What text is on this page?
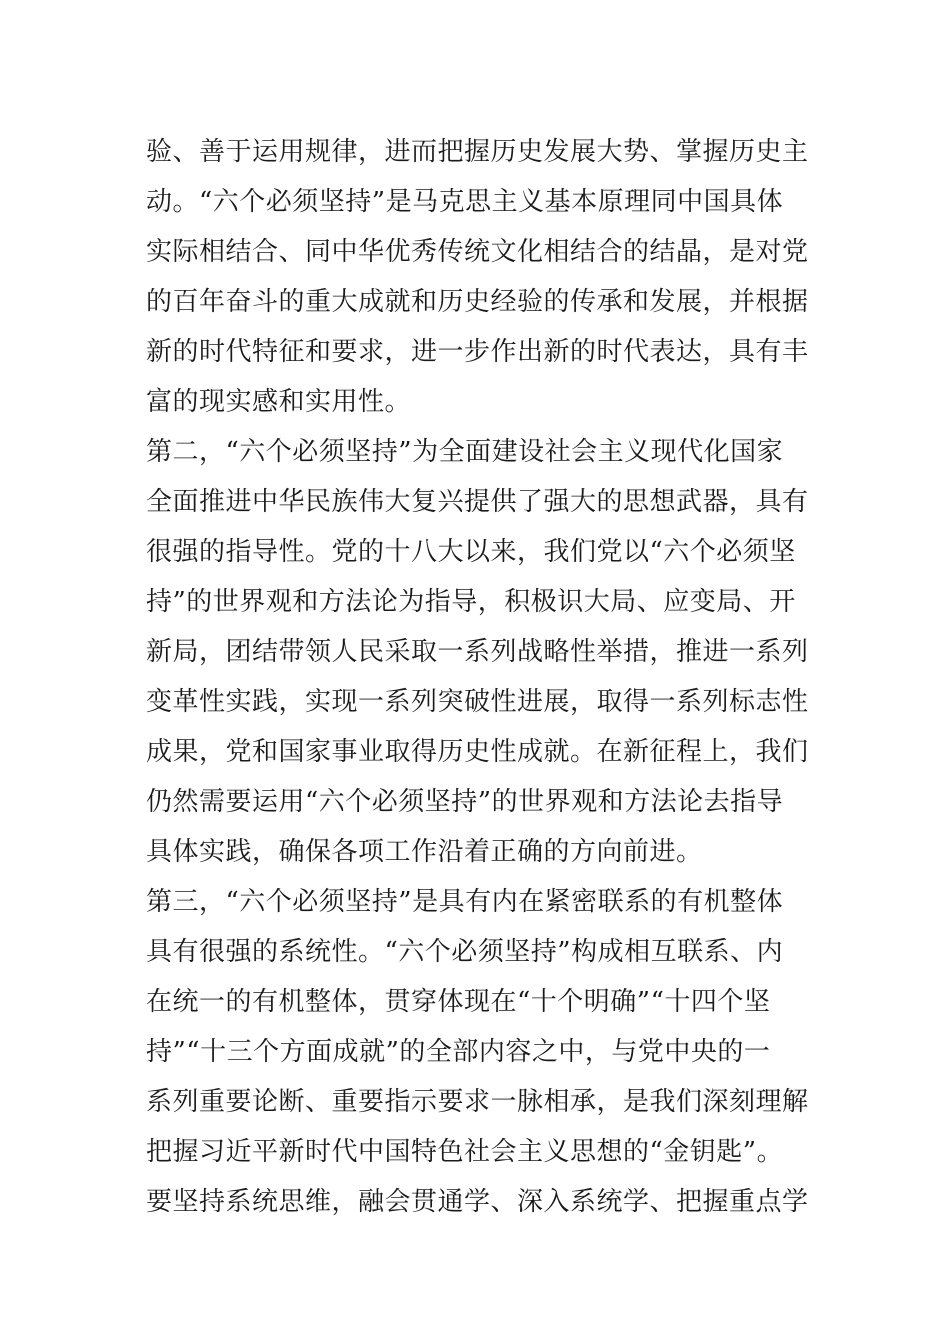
验、善于运用规律，进而把握历史发展大势、掌握历史主
动。“六个必须坚持”是马克思主义基本原理同中国具体
实际相结合、同中华优秀传统文化相结合的结晶，是对党
的百年奋斗的重大成就和历史经验的传承和发展，并根据
新的时代特征和要求，进一步作出新的时代表达，具有丰
富的现实感和实用性。
第二，“六个必须坚持”为全面建设社会主义现代化国家
全面推进中华民族伟大复兴提供了强大的思想武器，具有
很强的指导性。党的十八大以来，我们党以“六个必须坚
持”的世界观和方法论为指导，积极识大局、应变局、开
新局，团结带领人民采取一系列战略性举措，推进一系列
变革性实践，实现一系列突破性进展，取得一系列标志性
成果，党和国家事业取得历史性成就。在新征程上，我们
仍然需要运用“六个必须坚持”的世界观和方法论去指导
具体实践，确保各项工作沿着正确的方向前进。
第三，“六个必须坚持”是具有内在紧密联系的有机整体
具有很强的系统性。“六个必须坚持”构成相互联系、内
在统一的有机整体，贯穿体现在“十个明确”“十四个坚
持”“十三个方面成就”的全部内容之中，与党中央的一
系列重要论断、重要指示要求一脉相承，是我们深刻理解
把握习近平新时代中国特色社会主义思想的“金钥匙”。
要坚持系统思维，融会贯通学、深入系统学、把握重点学
